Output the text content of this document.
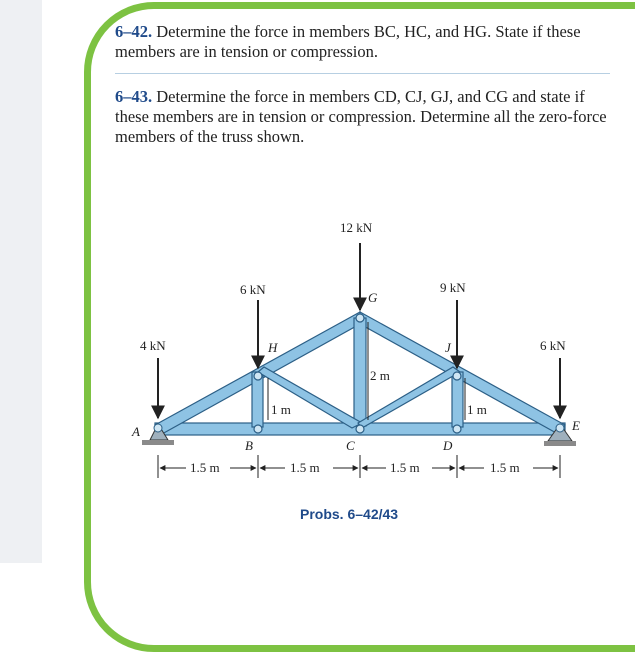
6–42. Determine the force in members BC, HC, and HG. State if these members are in tension or compression.
6–43. Determine the force in members CD, CJ, GJ, and CG and state if these members are in tension or compression. Determine all the zero-force members of the truss shown.
4 kN
6 kN
12 kN
9 kN
6 kN
A
B	C	D
E
G
H	J
1.5 m	1.5 m	1.5 m	1.5 m
1 m
2 m
1 m
Probs. 6–42/43
